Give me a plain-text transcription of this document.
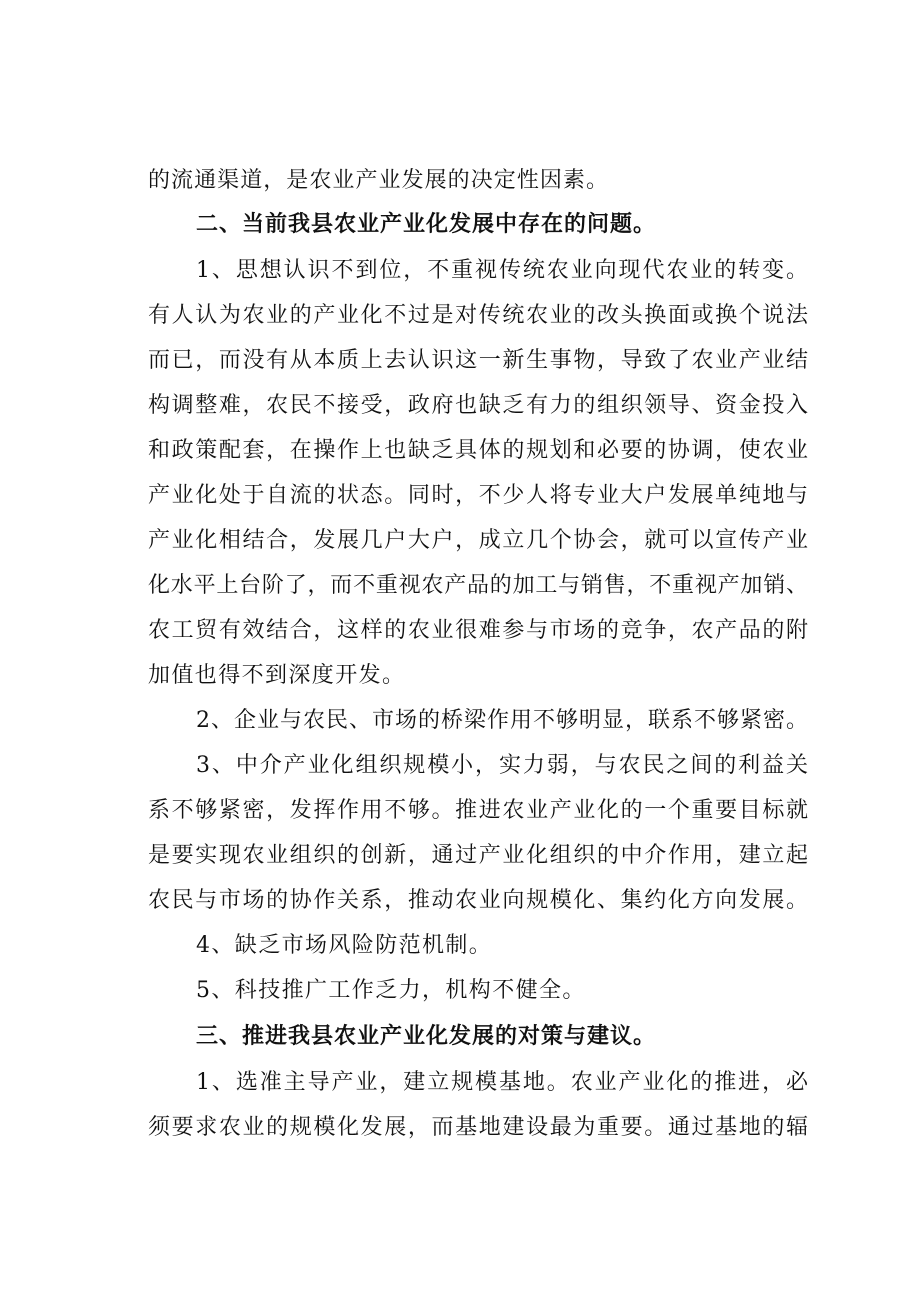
的流通渠道，是农业产业发展的决定性因素。
二、当前我县农业产业化发展中存在的问题。
1、思想认识不到位，不重视传统农业向现代农业的转变。
有人认为农业的产业化不过是对传统农业的改头换面或换个说法
而已，而没有从本质上去认识这一新生事物，导致了农业产业结
构调整难，农民不接受，政府也缺乏有力的组织领导、资金投入
和政策配套，在操作上也缺乏具体的规划和必要的协调，使农业
产业化处于自流的状态。同时，不少人将专业大户发展单纯地与
产业化相结合，发展几户大户，成立几个协会，就可以宣传产业
化水平上台阶了，而不重视农产品的加工与销售，不重视产加销、
农工贸有效结合，这样的农业很难参与市场的竞争，农产品的附
加值也得不到深度开发。
2、企业与农民、市场的桥梁作用不够明显，联系不够紧密。
3、中介产业化组织规模小，实力弱，与农民之间的利益关
系不够紧密，发挥作用不够。推进农业产业化的一个重要目标就
是要实现农业组织的创新，通过产业化组织的中介作用，建立起
农民与市场的协作关系，推动农业向规模化、集约化方向发展。
4、缺乏市场风险防范机制。
5、科技推广工作乏力，机构不健全。
三、推进我县农业产业化发展的对策与建议。
1、选准主导产业，建立规模基地。农业产业化的推进，必
须要求农业的规模化发展，而基地建设最为重要。通过基地的辐
